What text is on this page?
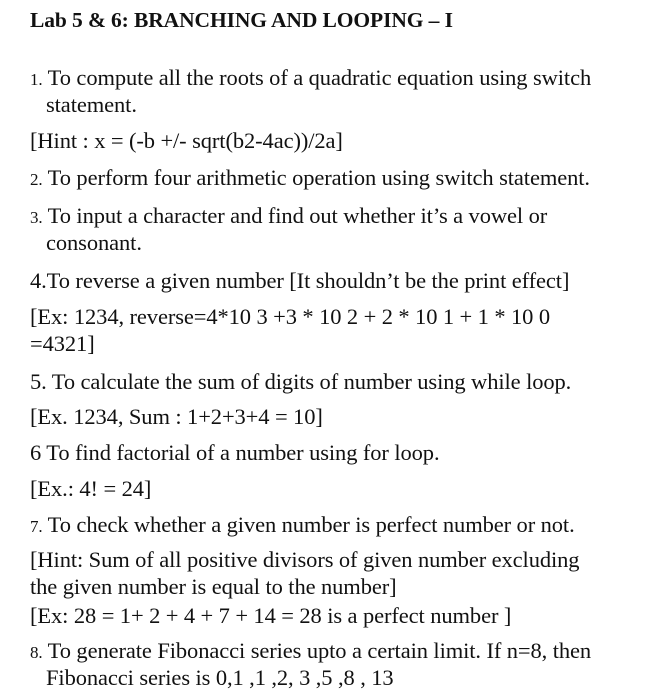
Lab 5 & 6: BRANCHING AND LOOPING – I
1. To compute all the roots of a quadratic equation using switch
statement.
[Hint : x = (-b +/- sqrt(b2-4ac))/2a]
2. To perform four arithmetic operation using switch statement.
3. To input a character and find out whether it’s a vowel or
consonant.
4.To reverse a given number [It shouldn’t be the print effect]
[Ex: 1234, reverse=4*10 3 +3 * 10 2 + 2 * 10 1 + 1 * 10 0
=4321]
5. To calculate the sum of digits of number using while loop.
[Ex. 1234, Sum : 1+2+3+4 = 10]
6 To find factorial of a number using for loop.
[Ex.: 4! = 24]
7. To check whether a given number is perfect number or not.
[Hint: Sum of all positive divisors of given number excluding
the given number is equal to the number]
[Ex: 28 = 1+ 2 + 4 + 7 + 14 = 28 is a perfect number ]
8. To generate Fibonacci series upto a certain limit. If n=8, then
Fibonacci series is 0,1 ,1 ,2, 3 ,5 ,8 , 13
